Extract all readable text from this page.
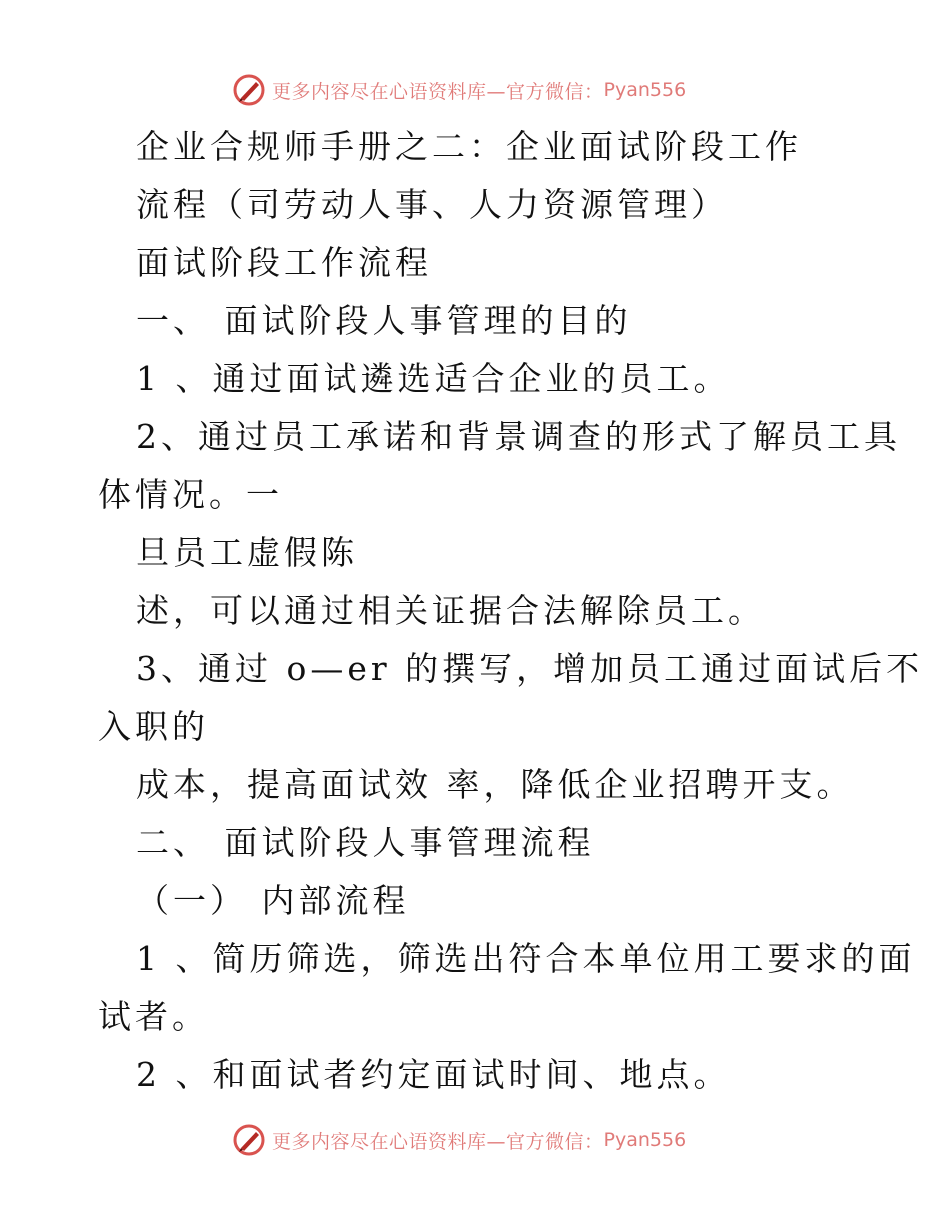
更多内容尽在心语资料库—官方微信： Pyan556
企业合规师手册之二：企业面试阶段工作
流程（司劳动人事、人力资源管理）
面试阶段工作流程
一、 面试阶段人事管理的目的
1 、通过面试遴选适合企业的员工。
2、通过员工承诺和背景调查的形式了解员工具
体情况。一
旦员工虚假陈
述，可以通过相关证据合法解除员工。
3、通过 o—er 的撰写，增加员工通过面试后不
入职的
成本，提高面试效 率，降低企业招聘开支。
二、 面试阶段人事管理流程
（一） 内部流程
1 、简历筛选，筛选出符合本单位用工要求的面
试者。
2 、和面试者约定面试时间、地点。
更多内容尽在心语资料库—官方微信： Pyan556
